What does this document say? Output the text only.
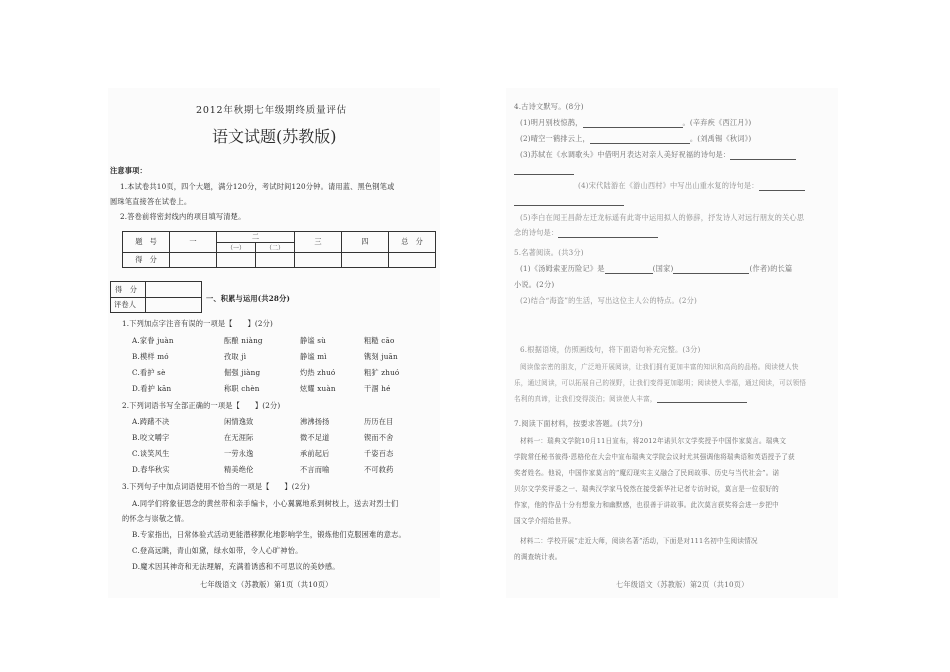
2012年秋期七年级期终质量评估
语文试题(苏教版)
注意事项：
1.本试卷共10页，四个大题，满分120分，考试时间120分钟。请用蓝、黑色钢笔或
圆珠笔直接答在试卷上。
2.答卷前将密封线内的项目填写清楚。
题　号	一	二		三	四	总　分
		（一）	（二）			
得　分						
得　分
评卷人
一、积累与运用(共28分)
1.下列加点字注音有误的一项是【　　】(2分)
A.家眷 juàn	酝酿 niàng	静谧 sù	粗糙 cāo
B.模样 mó	孜取 jì	静谧 mì	镌刻 juān
C.看护 sè	倔强 jiàng	灼热 zhuó	粗犷 zhuó
D.看护 kān	称职 chèn	炫耀 xuàn	干涸 hé
2.下列词语书写全部正确的一项是【　　】(2分)
A.踌躇不决	闲情逸致	沸沸扬扬	历历在目
B.咬文嚼字	在无涯际	微不足道	锲而不舍
C.谈笑风生	一劳永逸	承前起后	千姿百态
D.春华秋实	精美绝伦	不言而喻	不可救药
3.下列句子中加点词语使用不恰当的一项是【　　】(2分)
A.同学们将象征思念的黄丝带和亲手编卡，小心翼翼地系到树枝上，送去对烈士们
的怀念与崇敬之情。
B.专家指出，日常体验式活动更能潜移默化地影响学生，锻炼他们克服困难的意志。
C.登高远眺，青山如黛，绿水如带，令人心旷神怡。
D.魔术因其神奇和无法理解，充满着诱惑和不可思议的美妙感。
七年级语文（苏教版）第1页（共10页）
4.古诗文默写。(8分)
(1)明月别枝惊鹊，	。(辛弃疾《西江月》)
(2)晴空一鹤排云上，	。(刘禹锡《秋词》)
(3)苏轼在《水调歌头》中借明月表达对亲人美好祝福的诗句是：
(4)宋代陆游在《游山西村》中写出山重水复的诗句是：
(5)李白在闻王昌龄左迁龙标遥有此寄中运用拟人的修辞，抒发诗人对远行朋友的关心思
念的诗句是：
5.名著阅读。(共3分)
(1)《汤姆索亚历险记》是	(国家)	(作者)的长篇
小说。(2分)
(2)结合“海盗”的生活，写出这位主人公的特点。(2分)
6.根据语境，仿照画线句，将下面语句补充完整。(3分)
阅读像亲密的朋友，广泛地开展阅读，让我们拥有更加丰富的知识和高尚的品格。阅读使人快
乐，通过阅读，可以拓展自己的视野，让我们变得更加聪明；阅读使人幸福，通过阅读，可以领悟
名利的真谛，让我们变得淡泊；阅读使人丰富，
7.阅读下面材料，按要求答题。(共7分)
材料一：瑞典文学院10月11日宣布，将2012年诺贝尔文学奖授予中国作家莫言。瑞典文
学院常任秘书彼得·恩格伦在大会中宣布瑞典文学院会议时尤其强调他将瑞典语和英语授予了获
奖者姓名。他说，中国作家莫言的“魔幻现实主义融合了民间故事、历史与当代社会”。诺
贝尔文学奖评委之一、瑞典汉学家马悦然在接受新华社记者专访时说，莫言是一位很好的
作家，他的作品十分有想象力和幽默感，也很善于讲故事。此次莫言获奖将会进一步把中
国文学介绍给世界。
材料二：学校开展“走近大师，阅读名著”活动，下面是对111名初中生阅读情况
的调查统计表。
七年级语文（苏教版）第2页（共10页）
